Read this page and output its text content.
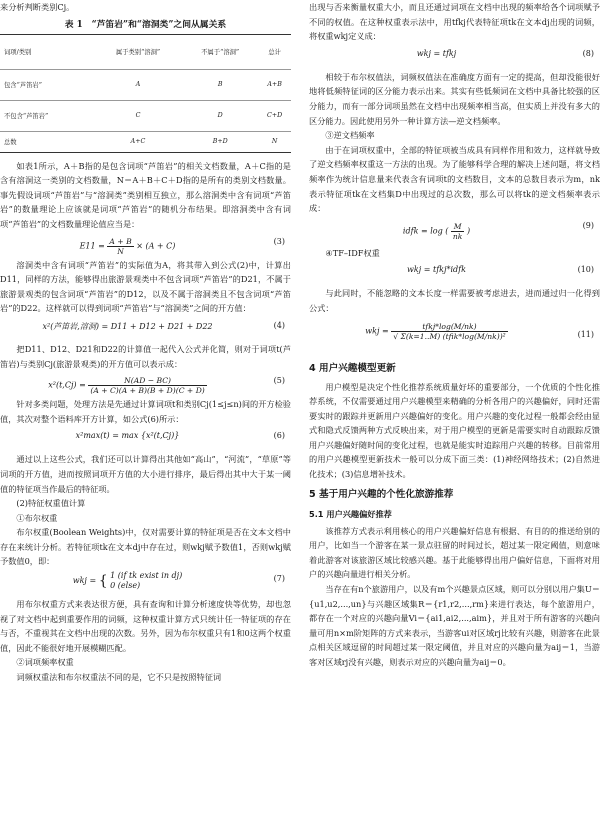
来分析判断类别Cj。

表 1　“芦笛岩”和“溶洞类”之间从属关系
词项/类别	属于类别“溶洞”	不属于“溶洞”	总计
包含“芦笛岩”	A	B	A+B
不包含“芦笛岩”	C	D	C+D
总数	A+C	B+D	N

如表1所示，A＋B指的是包含词项“芦笛岩”的相关文档数量，A＋C指的是含有溶洞这一类别的文档数量，N＝A＋B＋C＋D指的是所有的类别文档数量。事先假设词项“芦笛岩”与“溶洞类”类别相互独立，那么溶洞类中含有词项“芦笛岩”的数量理论上应该就是词项“芦笛岩”的随机分布结果。即溶洞类中含有词项“芦笛岩”的文档数量理论值应当是：

$E11 = \frac{A + B}{N} \times (A + C)$	(3)

溶洞类中含有词项“芦笛岩”的实际值为A，将其带入到公式(2)中，计算出D11，同样的方法，能够得出旅游景观类中不包含词项“芦笛岩”的D21，不属于旅游景观类的包含词项“芦笛岩”的D12，以及不属于溶洞类且不包含词项“芦笛岩”的D22。这样就可以得到词项“芦笛岩”与“溶洞类”之间的开方值：

x²(芦笛岩,溶洞) = D11 + D12 + D21 + D22	(4)

把D11、D12、D21和D22的计算值一起代入公式并化简，则对于词项t(芦笛岩)与类别Cj(旅游景观类)的开方值可以表示成：

$x^2(t,Cj) = \frac{N(AD - BC)}{(A + C)(A + B)(B + D)(C + D)}$	(5)

针对多类问题，处理方法是先通过计算词项t和类别Cj(1≤j≤n)间的开方检验值，其次对整个语料库开方计算，如公式(6)所示：

x²max(t) = max {x²(t,Cj)}	(6)

通过以上这些公式，我们还可以计算得出其他如“高山”，“河流”，“草原”等词项的开方值，进而按照词项开方值的大小进行排序，最后得出其中大于某一阈值的特征项当作最后的特征项。

(2)特征权重值计算

①布尔权重

布尔权重(Boolean Weights)中，仅对需要计算的特征项是否在文本文档中存在来统计分析。若特征项tk在文本dj中存在过，则wkj赋予数值1，否则wkj赋予数值0，即：

wkj = { 1 (if tk exist in dj)
0 (else)
(7)

用布尔权重方式来表达很方便，具有查询和计算分析速度快等优势，却也忽视了对文档中起到重要作用的词频，这种权重计算方式只统计任一特征项的存在与否，不重视其在文档中出现的次数。另外，因为布尔权重只有1和0这两个权重值，因此不能很好地开展模糊匹配。

②词项频率权重

词频权重法和布尔权重法不同的是，它不只是按照特征词

出现与否来衡量权重大小，而且还通过词项在文档中出现的频率给各个词项赋予不同的权值。在这种权重表示法中，用tfkj代表特征项tk在文本dj出现的词频，将权重wkj定义成：

wkj = tfkj	(8)

相较于布尔权值法，词频权值法在准确度方面有一定的提高，但却没能很好地将低频特征词的区分能力表示出来。其实有些低频词在文档中具备比较强的区分能力，而有一部分词项虽然在文档中出现频率相当高，但实质上并没有多大的区分能力。因此使用另外一种计算方法—逆文档频率。

③逆文档频率

由于在词项权重中，全部的特征项被当成具有同样作用和效力，这样就导致了逆文档频率权重这一方法的出现。为了能够科学合理的解决上述问题，将文档频率作为统计信息量来代表含有词项t的文档数目，文本的总数目表示为m，nk表示特征项tk在文档集D中出现过的总次数，那么可以将tk的逆文档频率表示成：

idfk = log ( $\frac{M}{nk}$ )
(9)

④TF–IDF权重

wkj = tfkj*idfk	(10)

与此同时，不能忽略的文本长度一样需要被考虑进去，进而通过归一化得到公式：

wkj = $\frac{\text{tfkj*log(M/nk)}}{\text{√ Σ(k=1..M) (tfik*log(M/nk))²}}$	(11)
4 用户兴趣模型更新

用户模型是决定个性化推荐系统质量好坏的重要部分，一个优质的个性化推荐系统，不仅需要通过用户兴趣模型来精确的分析各用户的兴趣偏好，同时还需要实时的跟踪并更新用户兴趣偏好的变化。用户兴趣的变化过程一般都会经由显式和隐式反馈两种方式反映出来，对于用户模型的更新是需要实时自动跟踪反馈用户兴趣偏好随时间的变化过程，也就是能实时追踪用户兴趣的转移。目前常用的用户兴趣模型更新技术一般可以分成下面三类：(1)神经网络技术；(2)自然进化技术；(3)信息增补技术。

5 基于用户兴趣的个性化旅游推荐
5.1 用户兴趣偏好推荐

该推荐方式表示利用核心的用户兴趣偏好信息有根据、有目的的推送给别的用户，比如当一个游客在某一景点驻留的时间过长，超过某一限定阈值，则意味着此游客对该旅游区域比较感兴趣。基于此能够得出用户偏好信息，下面将对用户的兴趣向量进行相关分析。

当存在有n个旅游用户，以及有m个兴趣景点区域，则可以分别以用户集U＝{u1,u2,...,un}与兴趣区域集R＝{r1,r2,...,rm}来进行表达，每个旅游用户，都存在一个对应的兴趣向量Vi＝{ai1,ai2,...,aim}，并且对于所有游客的兴趣向量可用n×m阶矩阵的方式来表示，当游客ui对区域rj比较有兴趣，则游客在此景点相关区域逗留的时间超过某一限定阈值，并且对应的兴趣向量为aij＝1，当游客对区域rj没有兴趣，则表示对应的兴趣向量为aij＝0。
